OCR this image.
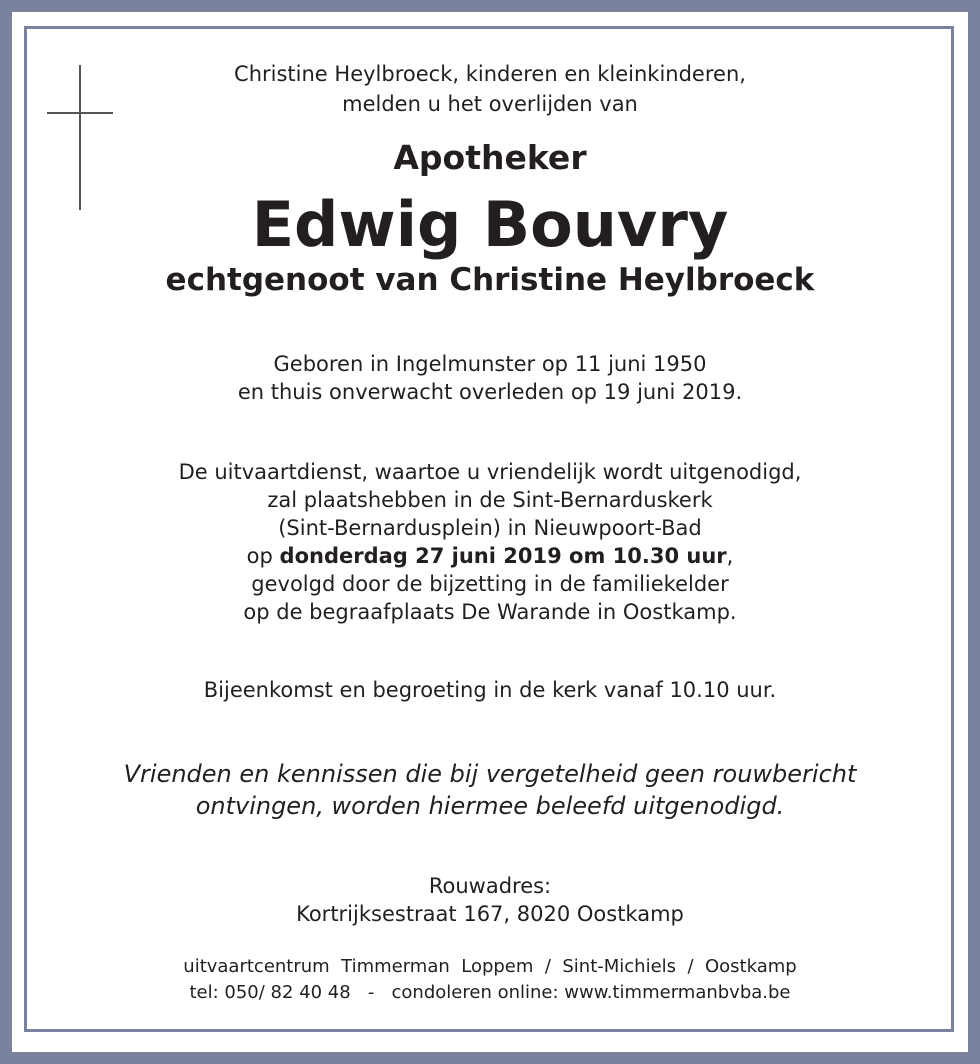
Christine Heylbroeck, kinderen en kleinkinderen,
melden u het overlijden van
Apotheker
Edwig Bouvry
echtgenoot van Christine Heylbroeck
Geboren in Ingelmunster op 11 juni 1950
en thuis onverwacht overleden op 19 juni 2019.
De uitvaartdienst, waartoe u vriendelijk wordt uitgenodigd,
zal plaatshebben in de Sint-Bernarduskerk
(Sint-Bernardusplein) in Nieuwpoort-Bad
op donderdag 27 juni 2019 om 10.30 uur,
gevolgd door de bijzetting in de familiekelder
op de begraafplaats De Warande in Oostkamp.
Bijeenkomst en begroeting in de kerk vanaf 10.10 uur.
Vrienden en kennissen die bij vergetelheid geen rouwbericht
ontvingen, worden hiermee beleefd uitgenodigd.
Rouwadres:
Kortrijksestraat 167, 8020 Oostkamp
uitvaartcentrum  Timmerman  Loppem  /  Sint-Michiels  /  Oostkamp
tel: 050/ 82 40 48   -   condoleren online: www.timmermanbvba.be
